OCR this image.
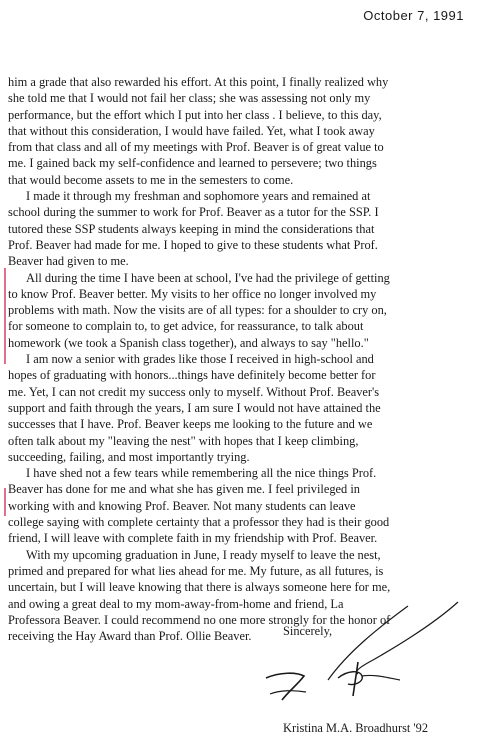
October 7, 1991
him a grade that also rewarded his effort. At this point, I finally realized why
she told me that I would not fail her class; she was assessing not only my
performance, but the effort which I put into her class . I believe, to this day,
that without this consideration, I would have failed. Yet, what I took away
from that class and all of my meetings with Prof. Beaver is of great value to
me. I gained back my self-confidence and learned to persevere; two things
that would become assets to me in the semesters to come.
I made it through my freshman and sophomore years and remained at
school during the summer to work for Prof. Beaver as a tutor for the SSP. I
tutored these SSP students always keeping in mind the considerations that
Prof. Beaver had made for me. I hoped to give to these students what Prof.
Beaver had given to me.
All during the time I have been at school, I've had the privilege of getting
to know Prof. Beaver better. My visits to her office no longer involved my
problems with math. Now the visits are of all types: for a shoulder to cry on,
for someone to complain to, to get advice, for reassurance, to talk about
homework (we took a Spanish class together), and always to say "hello."
I am now a senior with grades like those I received in high-school and
hopes of graduating with honors...things have definitely become better for
me. Yet, I can not credit my success only to myself. Without Prof. Beaver's
support and faith through the years, I am sure I would not have attained the
successes that I have. Prof. Beaver keeps me looking to the future and we
often talk about my "leaving the nest" with hopes that I keep climbing,
succeeding, failing, and most importantly trying.
I have shed not a few tears while remembering all the nice things Prof.
Beaver has done for me and what she has given me. I feel privileged in
working with and knowing Prof. Beaver. Not many students can leave
college saying with complete certainty that a professor they had is their good
friend, I will leave with complete faith in my friendship with Prof. Beaver.
With my upcoming graduation in June, I ready myself to leave the nest,
primed and prepared for what lies ahead for me. My future, as all futures, is
uncertain, but I will leave knowing that there is always someone here for me,
and owing a great deal to my mom-away-from-home and friend, La
Professora Beaver. I could recommend no one more strongly for the honor of
receiving the Hay Award than Prof. Ollie Beaver.	Sincerely,
Kristina M.A. Broadhurst '92
